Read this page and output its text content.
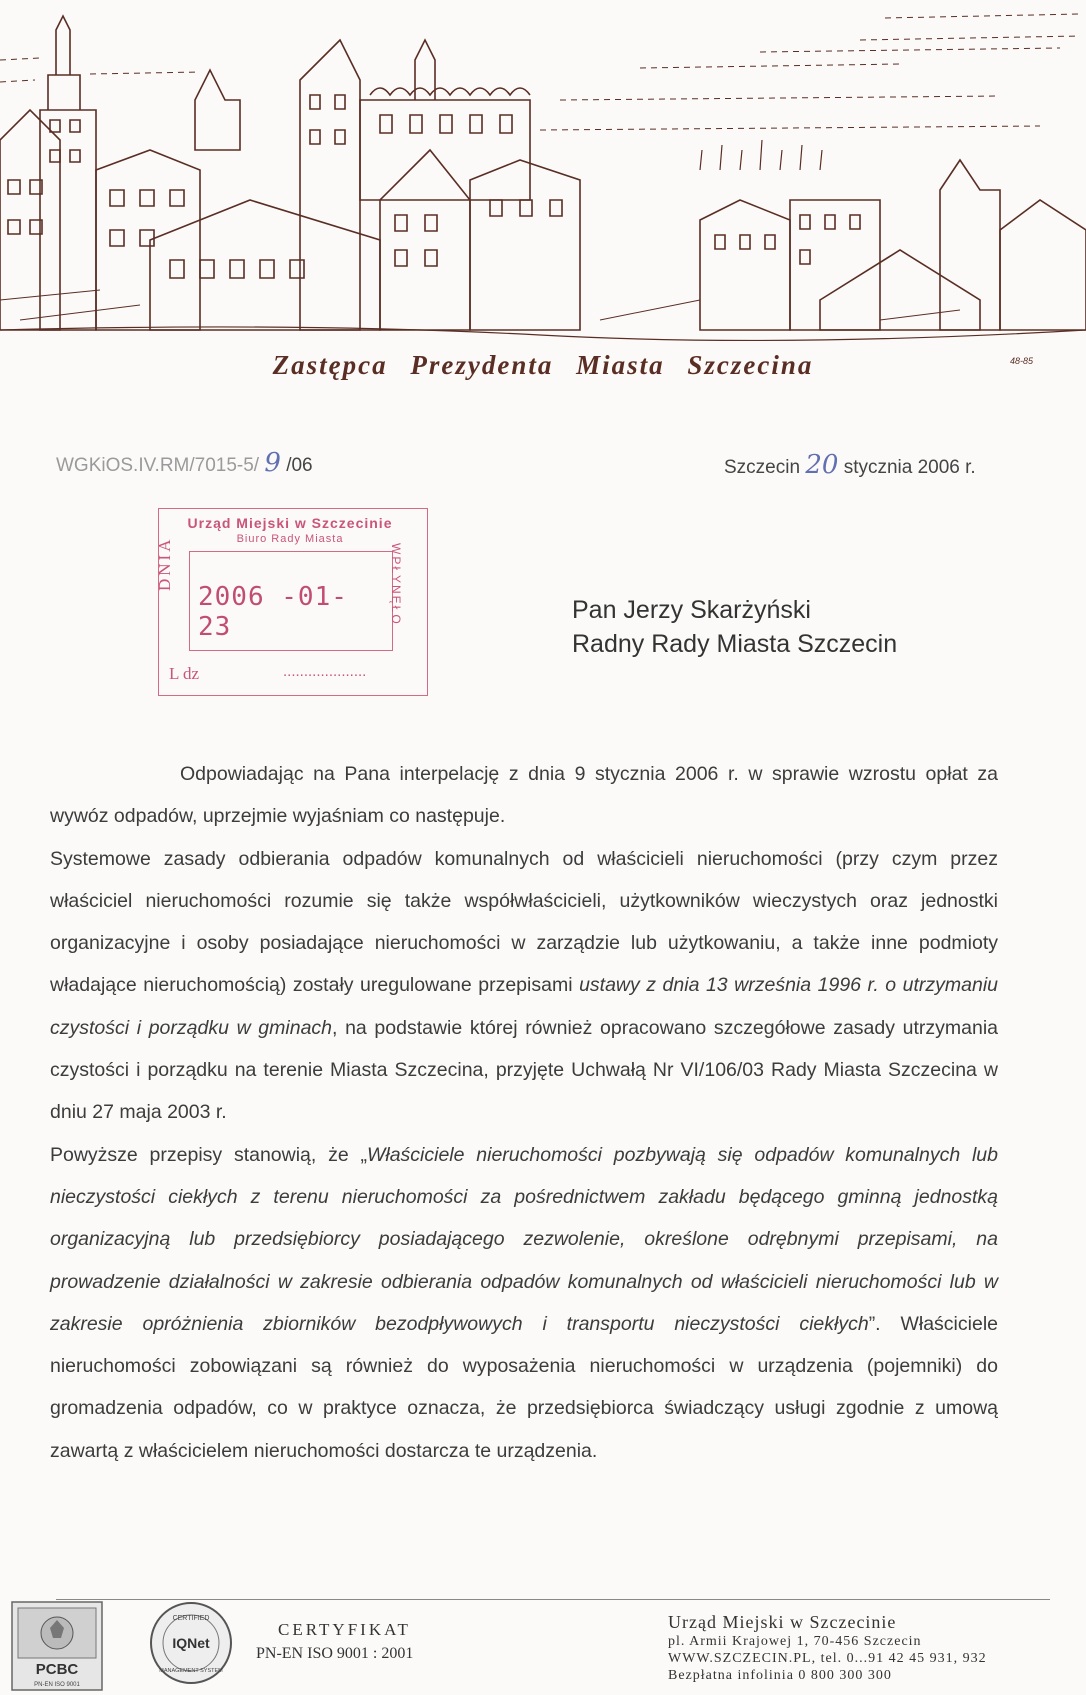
Zastępca Prezydenta Miasta Szczecina	48-85
WGKiOS.IV.RM/7015-5/ 9 /06	Szczecin 20 stycznia 2006 r.
Urząd Miejski w Szczecinie
Biuro Rady Miasta
2006 -01- 23
DNIA	WPŁYNĘŁO
L dz	....................
Pan Jerzy Skarżyński
Radny Rady Miasta Szczecin

Odpowiadając na Pana interpelację z dnia 9 stycznia 2006 r. w sprawie wzrostu opłat za wywóz odpadów, uprzejmie wyjaśniam co następuje.

Systemowe zasady odbierania odpadów komunalnych od właścicieli nieruchomości (przy czym przez właściciel nieruchomości rozumie się także współwłaścicieli, użytkowników wieczystych oraz jednostki organizacyjne i osoby posiadające nieruchomości w zarządzie lub użytkowaniu, a także inne podmioty władające nieruchomością) zostały uregulowane przepisami ustawy z dnia 13 września 1996 r. o utrzymaniu czystości i porządku w gminach, na podstawie której również opracowano szczegółowe zasady utrzymania czystości i porządku na terenie Miasta Szczecina, przyjęte Uchwałą Nr VI/106/03 Rady Miasta Szczecina w dniu 27 maja 2003 r.

Powyższe przepisy stanowią, że „Właściciele nieruchomości pozbywają się odpadów komunalnych lub nieczystości ciekłych z terenu nieruchomości za pośrednictwem zakładu będącego gminną jednostką organizacyjną lub przedsiębiorcy posiadającego zezwolenie, określone odrębnymi przepisami, na prowadzenie działalności w zakresie odbierania odpadów komunalnych od właścicieli nieruchomości lub w zakresie opróżnienia zbiorników bezodpływowych i transportu nieczystości ciekłych”. Właściciele nieruchomości zobowiązani są również do wyposażenia nieruchomości w urządzenia (pojemniki) do gromadzenia odpadów, co w praktyce oznacza, że przedsiębiorca świadczący usługi zgodnie z umową zawartą z właścicielem nieruchomości dostarcza te urządzenia.

PCBC
PN-EN ISO 9001
CERTIFIED
IQNet
MANAGEMENT SYSTEM
CERTYFIKAT
PN-EN ISO 9001 : 2001
Urząd Miejski w Szczecinie
pl. Armii Krajowej 1, 70-456 Szczecin
WWW.SZCZECIN.PL, tel. 0...91 42 45 931, 932
Bezpłatna infolinia 0 800 300 300
